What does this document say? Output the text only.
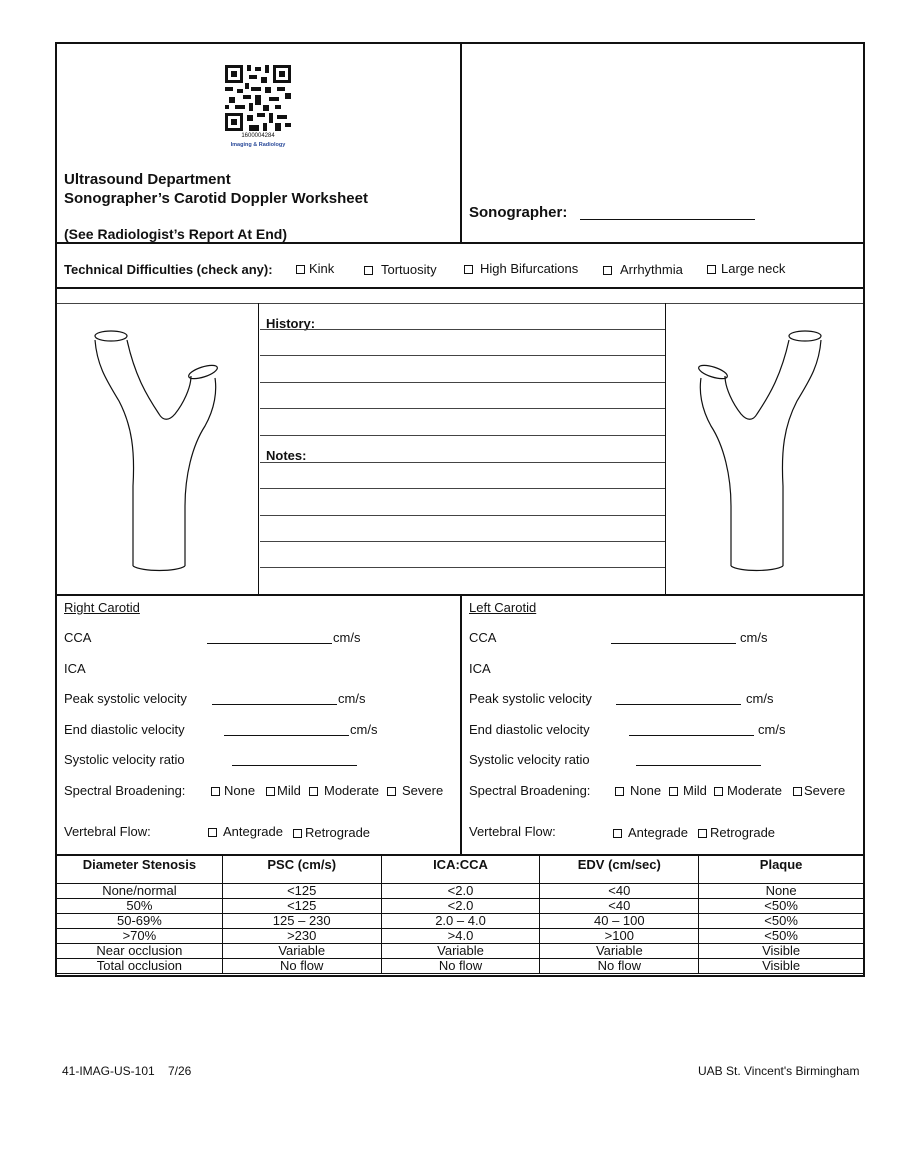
1600004284
Imaging & Radiology
Ultrasound Department
Sonographer’s Carotid Doppler Worksheet
(See Radiologist’s Report At End)
Sonographer:
Technical Difficulties (check any):	Kink	Tortuosity	High Bifurcations	Arrhythmia	Large neck
History:
Notes:
Right Carotid
CCA	cm/s
ICA
Peak systolic velocity	cm/s
End diastolic velocity	cm/s
Systolic velocity ratio
Spectral Broadening:	None	Mild	Moderate	Severe
Vertebral Flow:	Antegrade	Retrograde
Left Carotid
CCA	cm/s
ICA
Peak systolic velocity	cm/s
End diastolic velocity	cm/s
Systolic velocity ratio
Spectral Broadening:	None	Mild	Moderate	Severe
Vertebral Flow:	Antegrade	Retrograde
Diameter Stenosis	PSC (cm/s)	ICA:CCA	EDV (cm/sec)	Plaque
None/normal	<125	<2.0	<40	None
50%	<125	<2.0	<40	<50%
50-69%	125 – 230	2.0 – 4.0	40 – 100	<50%
>70%	>230	>4.0	>100	<50%
Near occlusion	Variable	Variable	Variable	Visible
Total occlusion	No flow	No flow	No flow	Visible
41-IMAG-US-101 7/26	UAB St. Vincent's Birmingham
